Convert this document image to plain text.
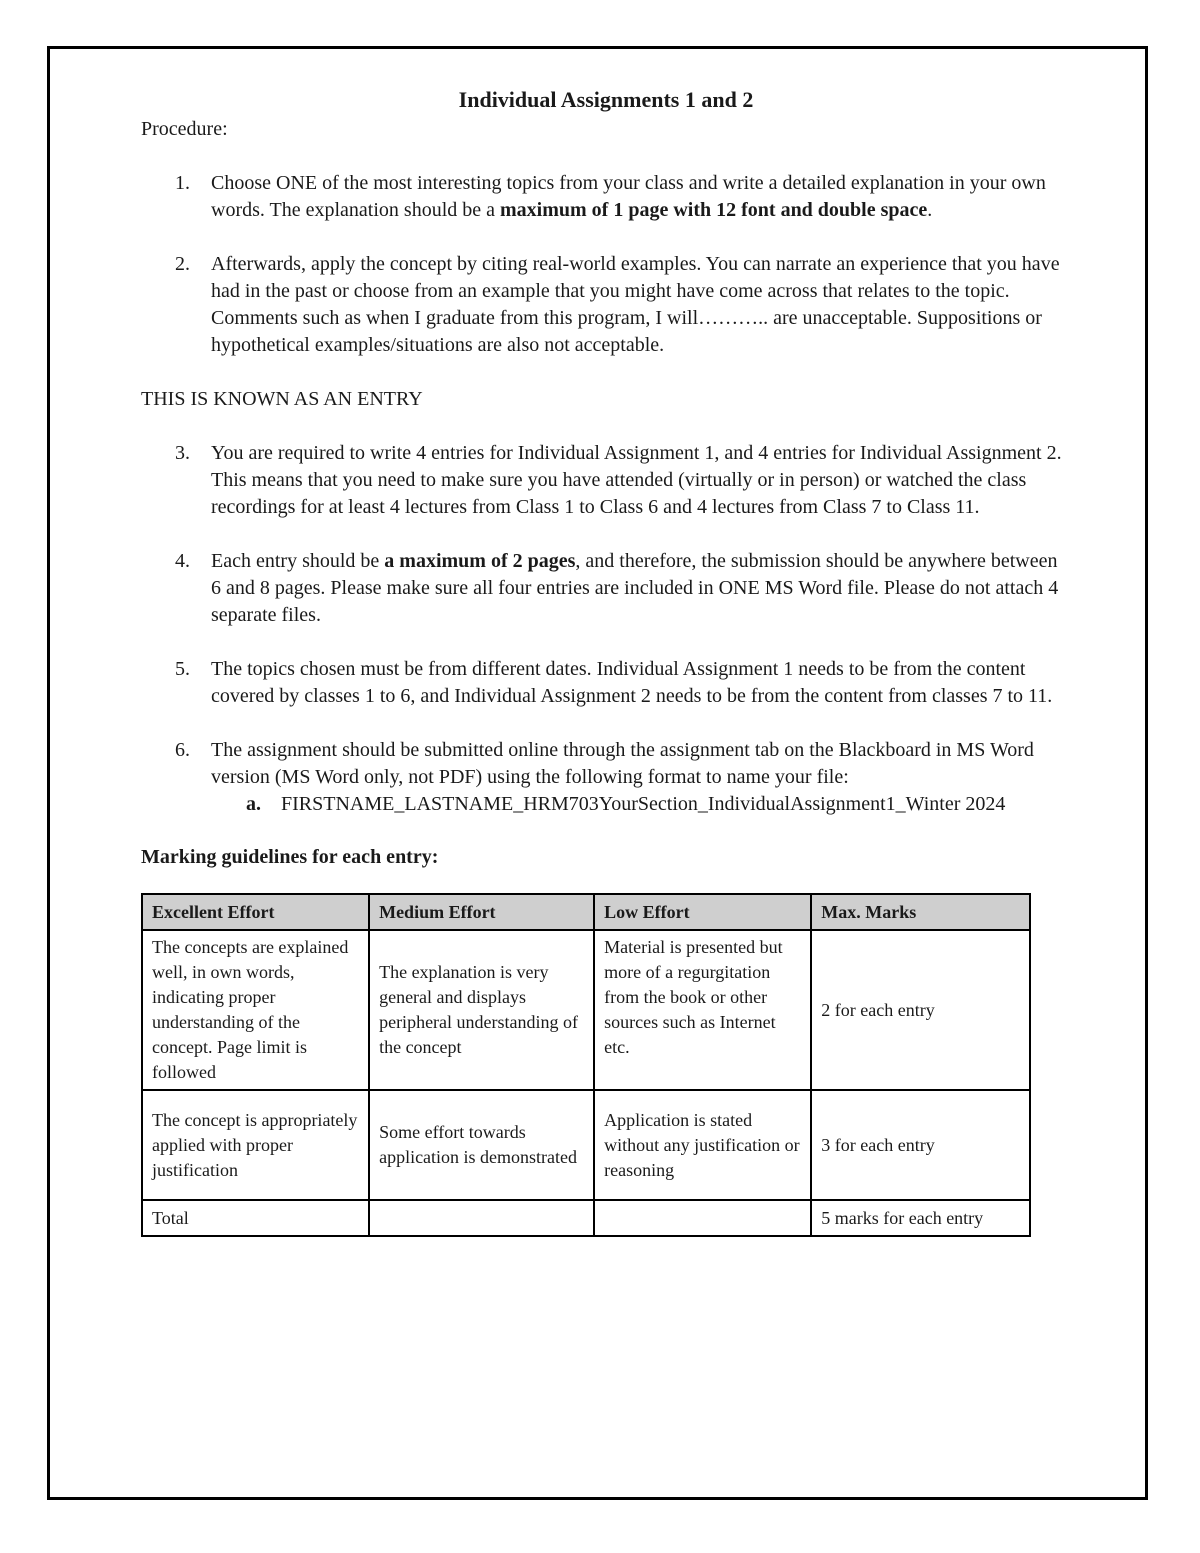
Individual Assignments 1 and 2

Procedure:

1. Choose ONE of the most interesting topics from your class and write a detailed explanation in your own words. The explanation should be a maximum of 1 page with 12 font and double space.
2. Afterwards, apply the concept by citing real-world examples. You can narrate an experience that you have had in the past or choose from an example that you might have come across that relates to the topic. Comments such as when I graduate from this program, I will……….. are unacceptable. Suppositions or hypothetical examples/situations are also not acceptable.

THIS IS KNOWN AS AN ENTRY

3. You are required to write 4 entries for Individual Assignment 1, and 4 entries for Individual Assignment 2. This means that you need to make sure you have attended (virtually or in person) or watched the class recordings for at least 4 lectures from Class 1 to Class 6 and 4 lectures from Class 7 to Class 11.
4. Each entry should be a maximum of 2 pages, and therefore, the submission should be anywhere between 6 and 8 pages. Please make sure all four entries are included in ONE MS Word file. Please do not attach 4 separate files.
5. The topics chosen must be from different dates. Individual Assignment 1 needs to be from the content covered by classes 1 to 6, and Individual Assignment 2 needs to be from the content from classes 7 to 11.
6. The assignment should be submitted online through the assignment tab on the Blackboard in MS Word version (MS Word only, not PDF) using the following format to name your file:
a. FIRSTNAME_LASTNAME_HRM703YourSection_IndividualAssignment1_Winter 2024

Marking guidelines for each entry:

Excellent Effort	Medium Effort	Low Effort	Max. Marks
The concepts are explained well, in own words, indicating proper understanding of the concept. Page limit is followed	The explanation is very general and displays peripheral understanding of the concept	Material is presented but more of a regurgitation from the book or other sources such as Internet etc.	2 for each entry
The concept is appropriately applied with proper justification	Some effort towards application is demonstrated	Application is stated without any justification or reasoning	3 for each entry
Total			5 marks for each entry
